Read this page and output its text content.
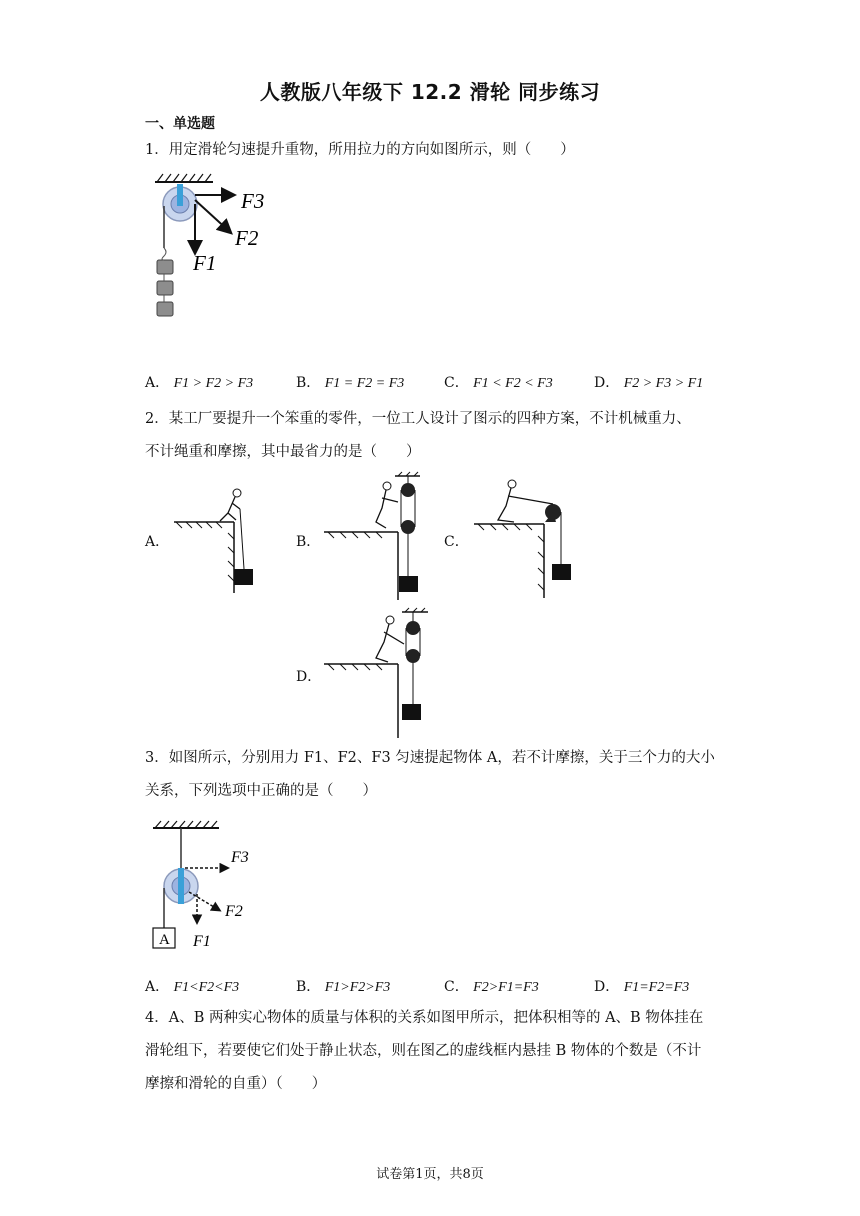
人教版八年级下 12.2 滑轮 同步练习
一、单选题
1．用定滑轮匀速提升重物，所用拉力的方向如图所示，则（　　）
F3
F2
F1
A． F1 > F2 > F3	B． F1 = F2 = F3	C． F1 < F2 < F3	D． F2 > F3 > F1
2．某工厂要提升一个笨重的零件，一位工人设计了图示的四种方案，不计机械重力、
不计绳重和摩擦，其中最省力的是（　　）
A．	B．	C．
D．
3．如图所示，分别用力 F1、F2、F3 匀速提起物体 A，若不计摩擦，关于三个力的大小
关系，下列选项中正确的是（　　）
A
F3
F2
F1
A． F1<F2<F3	B． F1>F2>F3	C． F2>F1=F3	D． F1=F2=F3
4．A、B 两种实心物体的质量与体积的关系如图甲所示，把体积相等的 A、B 物体挂在
滑轮组下，若要使它们处于静止状态，则在图乙的虚线框内悬挂 B 物体的个数是（不计
摩擦和滑轮的自重）（　　）
试卷第1页，共8页
